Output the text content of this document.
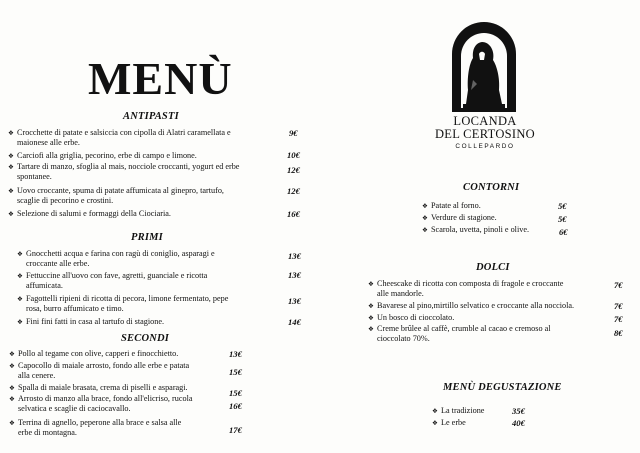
MENÙ
LOCANDA
DEL CERTOSINO
COLLEPARDO
ANTIPASTI
❖ Crocchette di patate e salsiccia con cipolla di Alatri caramellata e
maionese alle erbe.
9€
❖ Carciofi alla griglia, pecorino, erbe di campo e limone.	10€
❖ Tartare di manzo, sfoglia al mais, nocciole croccanti, yogurt ed erbe
spontanee.
12€
❖ Uovo croccante, spuma di patate affumicata al ginepro, tartufo,
scaglie di pecorino e crostini.
12€
❖ Selezione di salumi e formaggi della Ciociaria.	16€
PRIMI
❖ Gnocchetti acqua e farina con ragù di coniglio, asparagi e
croccante alle erbe.
13€
❖ Fettuccine all'uovo con fave, agretti, guanciale e ricotta
affumicata.
13€
❖ Fagottelli ripieni di ricotta di pecora, limone fermentato, pepe
rosa, burro affumicato e timo.
13€
❖ Fini fini fatti in casa al tartufo di stagione.	14€
SECONDI
❖ Pollo al tegame con olive, capperi e finocchietto.	13€
❖ Capocollo di maiale arrosto, fondo alle erbe e patata
alla cenere.	15€
❖ Spalla di maiale brasata, crema di piselli e asparagi.
15€
❖ Arrosto di manzo alla brace, fondo all'elicriso, rucola
selvatica e scaglie di caciocavallo.	16€
❖ Terrina di agnello, peperone alla brace e salsa alle
erbe di montagna.	17€
CONTORNI
❖ Patate al forno.	5€
❖ Verdure di stagione.	5€
❖ Scarola, uvetta, pinoli e olive.	6€
DOLCI
❖ Cheescake di ricotta con composta di fragole e croccante
alle mandorle.
7€
❖ Bavarese al pino,mirtillo selvatico e croccante alla nocciola.	7€
❖ Un bosco di cioccolato.	7€
❖ Creme brûlee al caffè, crumble al cacao e cremoso al
cioccolato 70%.
8€
MENÙ DEGUSTAZIONE
❖ La tradizione	35€
❖ Le erbe	40€
